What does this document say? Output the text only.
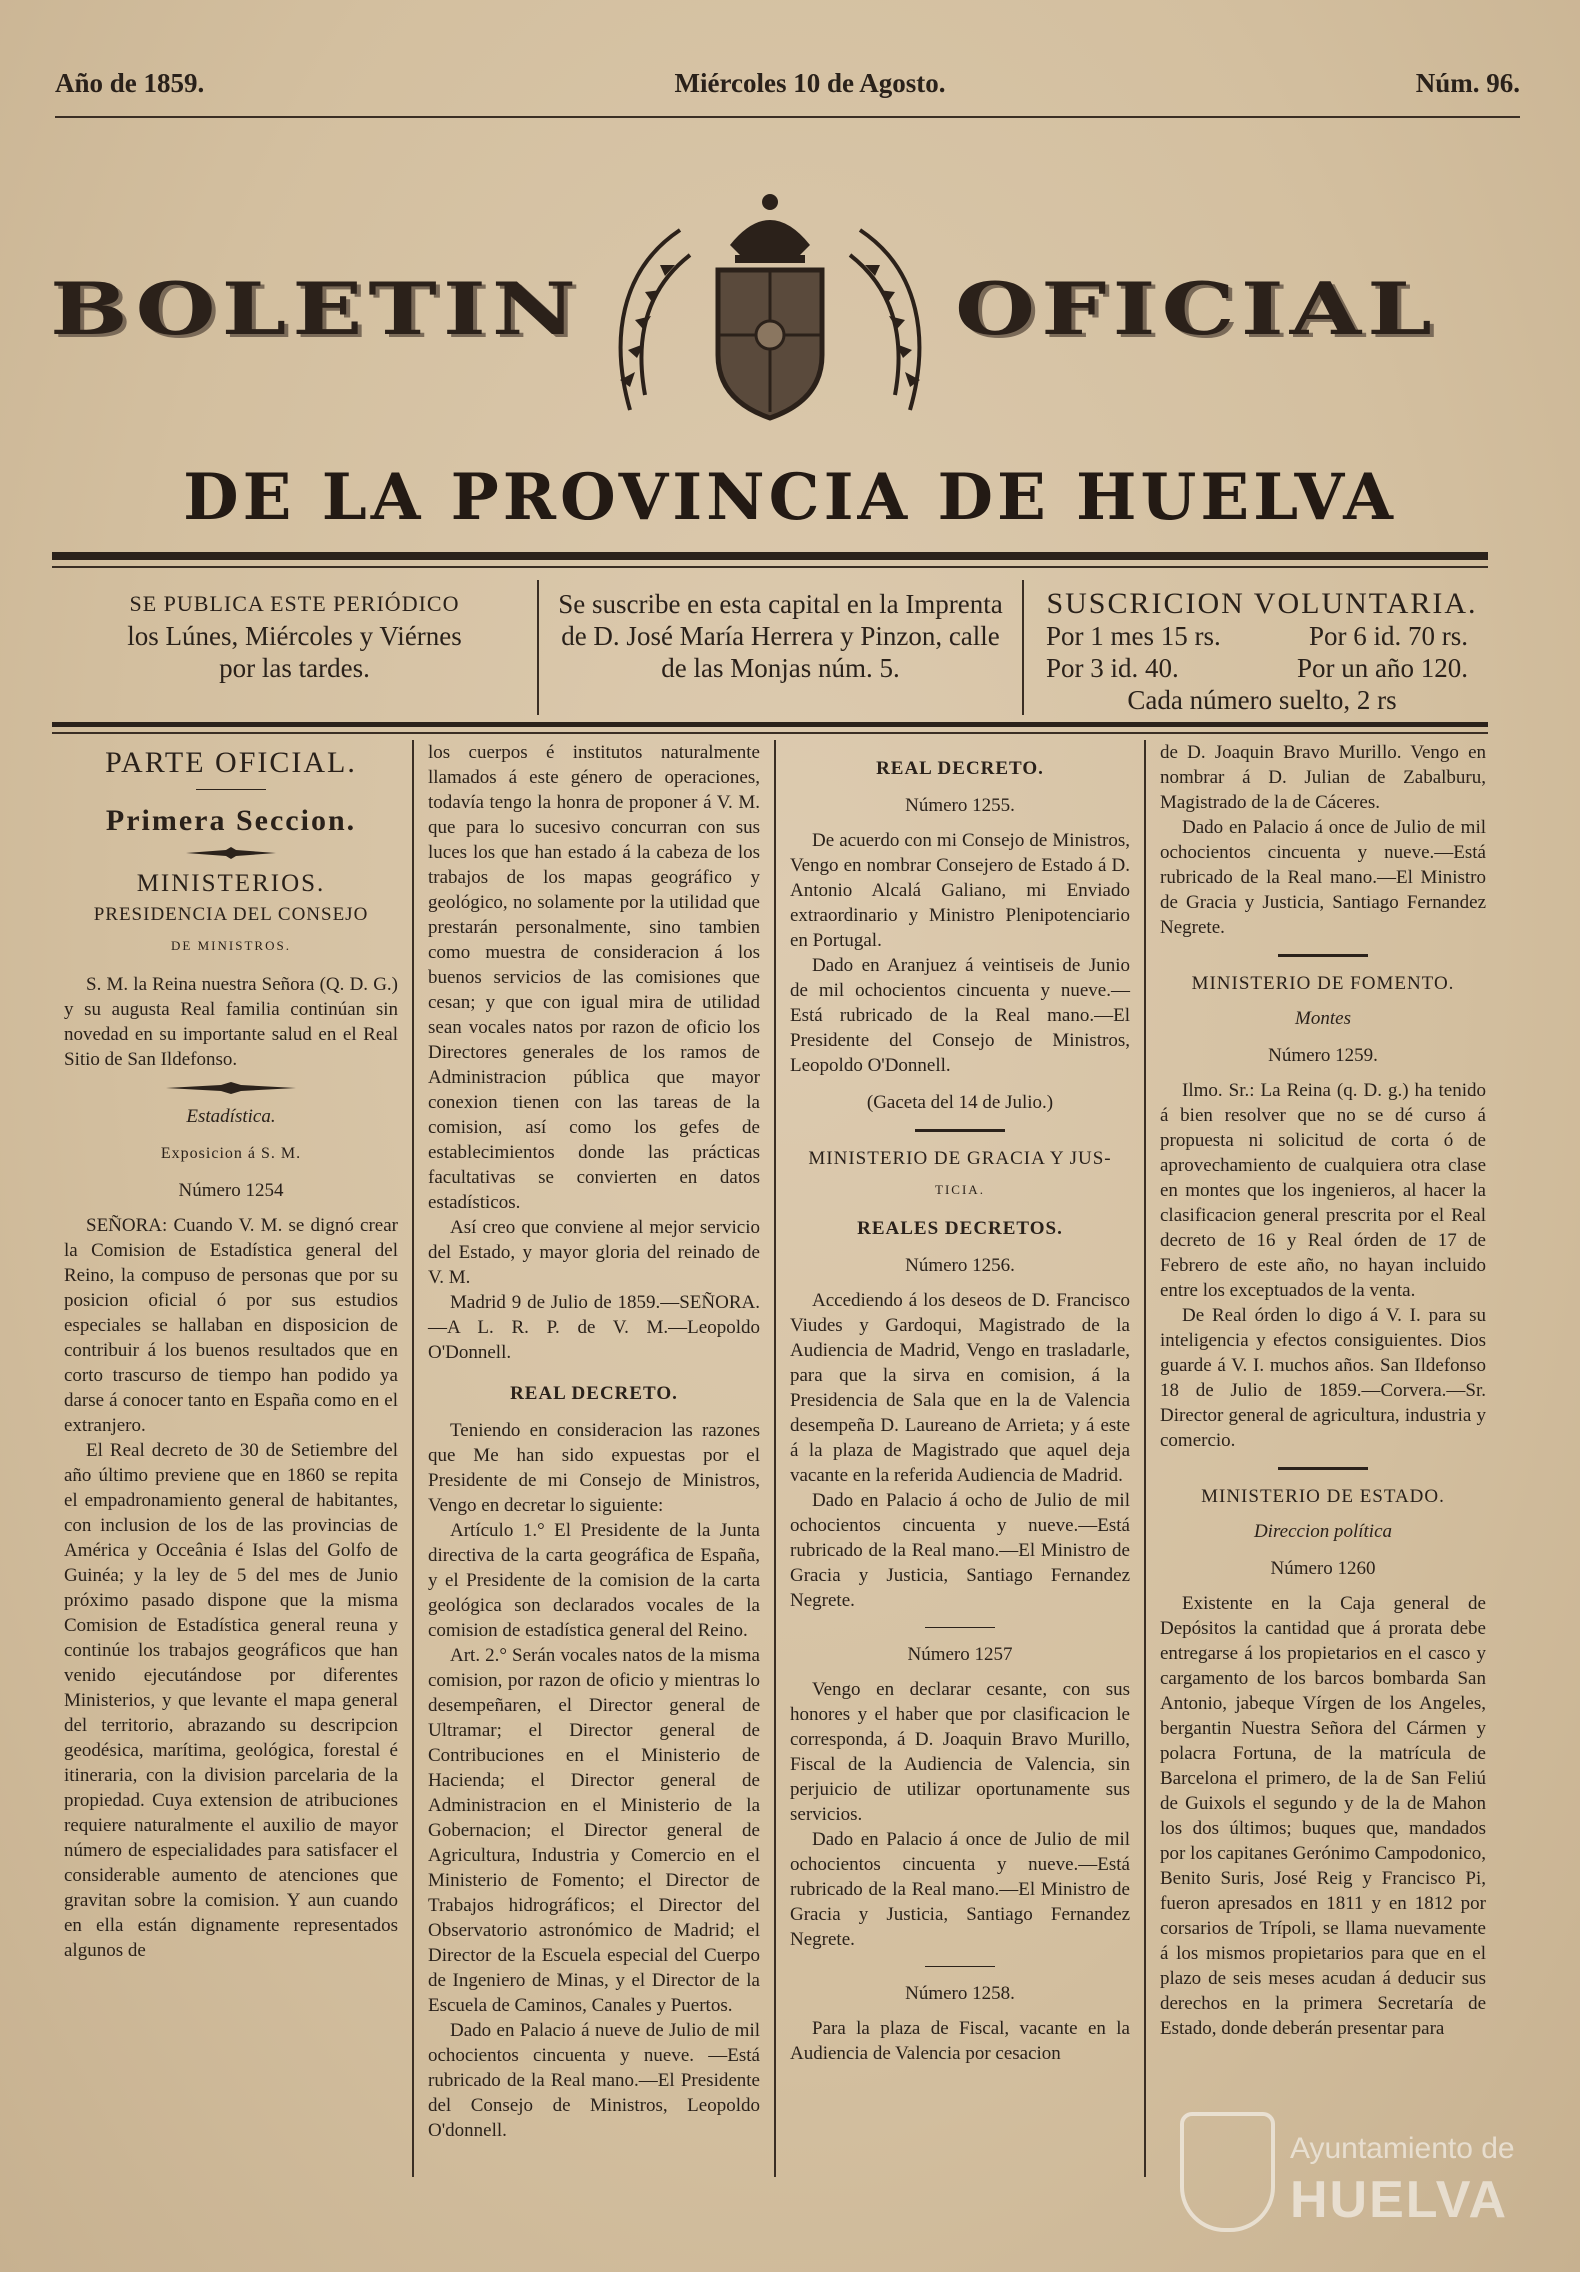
Año de 1859.	Miércoles 10 de Agosto.	Núm. 96.
BOLETIN	OFICIAL
DE LA PROVINCIA DE HUELVA
SE PUBLICA ESTE PERIÓDICO
los Lúnes, Miércoles y Viérnes
por las tardes.
Se suscribe en esta capital en la Imprenta
de D. José María Herrera y Pinzon, calle
de las Monjas núm. 5.
SUSCRICION VOLUNTARIA.
Por 1 mes 15 rs.	Por 6 id. 70 rs.
Por 3 id. 40.	Por un año 120.
Cada número suelto, 2 rs
PARTE OFICIAL.
Primera Seccion.
MINISTERIOS.
PRESIDENCIA DEL CONSEJO
DE MINISTROS.

S. M. la Reina nuestra Señora (Q. D. G.) y su augusta Real familia continúan sin novedad en su importante salud en el Real Sitio de San Ildefonso.

Estadística.
Exposicion á S. M.
Número 1254

SEÑORA: Cuando V. M. se dignó crear la Comision de Estadística general del Reino, la compuso de personas que por su posicion oficial ó por sus estudios especiales se hallaban en disposicion de contribuir á los buenos resultados que en corto trascurso de tiempo han podido ya darse á conocer tanto en España como en el extranjero.

El Real decreto de 30 de Setiembre del año último previene que en 1860 se repita el empadronamiento general de habitantes, con inclusion de los de las provincias de América y Occeânia é Islas del Golfo de Guinéa; y la ley de 5 del mes de Junio próximo pasado dispone que la misma Comision de Estadística general reuna y continúe los trabajos geográficos que han venido ejecutándose por diferentes Ministerios, y que levante el mapa general del territorio, abrazando su descripcion geodésica, marítima, geológica, forestal é itineraria, con la division parcelaria de la propiedad. Cuya extension de atribuciones requiere naturalmente el auxilio de mayor número de especialidades para satisfacer el considerable aumento de atenciones que gravitan sobre la comision. Y aun cuando en ella están dignamente representados algunos de

los cuerpos é institutos naturalmente llamados á este género de operaciones, todavía tengo la honra de proponer á V. M. que para lo sucesivo concurran con sus luces los que han estado á la cabeza de los trabajos de los mapas geográfico y geológico, no solamente por la utilidad que prestarán personalmente, sino tambien como muestra de consideracion á los buenos servicios de las comisiones que cesan; y que con igual mira de utilidad sean vocales natos por razon de oficio los Directores generales de los ramos de Administracion pública que mayor conexion tienen con las tareas de la comision, así como los gefes de establecimientos donde las prácticas facultativas se convierten en datos estadísticos.

Así creo que conviene al mejor servicio del Estado, y mayor gloria del reinado de V. M.

Madrid 9 de Julio de 1859.—SEÑORA.—A L. R. P. de V. M.—Leopoldo O'Donnell.

REAL DECRETO.

Teniendo en consideracion las razones que Me han sido expuestas por el Presidente de mi Consejo de Ministros, Vengo en decretar lo siguiente:

Artículo 1.° El Presidente de la Junta directiva de la carta geográfica de España, y el Presidente de la comision de la carta geológica son declarados vocales de la comision de estadística general del Reino.

Art. 2.° Serán vocales natos de la misma comision, por razon de oficio y mientras lo desempeñaren, el Director general de Ultramar; el Director general de Contribuciones en el Ministerio de Hacienda; el Director general de Administracion en el Ministerio de la Gobernacion; el Director general de Agricultura, Industria y Comercio en el Ministerio de Fomento; el Director de Trabajos hidrográficos; el Director del Observatorio astronómico de Madrid; el Director de la Escuela especial del Cuerpo de Ingeniero de Minas, y el Director de la Escuela de Caminos, Canales y Puertos.

Dado en Palacio á nueve de Julio de mil ochocientos cincuenta y nueve. —Está rubricado de la Real mano.—El Presidente del Consejo de Ministros, Leopoldo O'donnell.

REAL DECRETO.
Número 1255.

De acuerdo con mi Consejo de Ministros, Vengo en nombrar Consejero de Estado á D. Antonio Alcalá Galiano, mi Enviado extraordinario y Ministro Plenipotenciario en Portugal.

Dado en Aranjuez á veintiseis de Junio de mil ochocientos cincuenta y nueve.—Está rubricado de la Real mano.—El Presidente del Consejo de Ministros, Leopoldo O'Donnell.

(Gaceta del 14 de Julio.)
MINISTERIO DE GRACIA Y JUS-
TICIA.
REALES DECRETOS.
Número 1256.

Accediendo á los deseos de D. Francisco Viudes y Gardoqui, Magistrado de la Audiencia de Madrid, Vengo en trasladarle, para que la sirva en comision, á la Presidencia de Sala que en la de Valencia desempeña D. Laureano de Arrieta; y á este á la plaza de Magistrado que aquel deja vacante en la referida Audiencia de Madrid.

Dado en Palacio á ocho de Julio de mil ochocientos cincuenta y nueve.—Está rubricado de la Real mano.—El Ministro de Gracia y Justicia, Santiago Fernandez Negrete.

Número 1257

Vengo en declarar cesante, con sus honores y el haber que por clasificacion le corresponda, á D. Joaquin Bravo Murillo, Fiscal de la Audiencia de Valencia, sin perjuicio de utilizar oportunamente sus servicios.

Dado en Palacio á once de Julio de mil ochocientos cincuenta y nueve.—Está rubricado de la Real mano.—El Ministro de Gracia y Justicia, Santiago Fernandez Negrete.

Número 1258.

Para la plaza de Fiscal, vacante en la Audiencia de Valencia por cesacion

de D. Joaquin Bravo Murillo. Vengo en nombrar á D. Julian de Zabalburu, Magistrado de la de Cáceres.

Dado en Palacio á once de Julio de mil ochocientos cincuenta y nueve.—Está rubricado de la Real mano.—El Ministro de Gracia y Justicia, Santiago Fernandez Negrete.

MINISTERIO DE FOMENTO.
Montes
Número 1259.

Ilmo. Sr.: La Reina (q. D. g.) ha tenido á bien resolver que no se dé curso á propuesta ni solicitud de corta ó de aprovechamiento de cualquiera otra clase en montes que los ingenieros, al hacer la clasificacion general prescrita por el Real decreto de 16 y Real órden de 17 de Febrero de este año, no hayan incluido entre los exceptuados de la venta.

De Real órden lo digo á V. I. para su inteligencia y efectos consiguientes. Dios guarde á V. I. muchos años. San Ildefonso 18 de Julio de 1859.—Corvera.—Sr. Director general de agricultura, industria y comercio.

MINISTERIO DE ESTADO.
Direccion política
Número 1260

Existente en la Caja general de Depósitos la cantidad que á prorata debe entregarse á los propietarios en el casco y cargamento de los barcos bombarda San Antonio, jabeque Vírgen de los Angeles, bergantin Nuestra Señora del Cármen y polacra Fortuna, de la matrícula de Barcelona el primero, de la de San Feliú de Guixols el segundo y de la de Mahon los dos últimos; buques que, mandados por los capitanes Gerónimo Campodonico, Benito Suris, José Reig y Francisco Pi, fueron apresados en 1811 y en 1812 por corsarios de Trípoli, se llama nuevamente á los mismos propietarios para que en el plazo de seis meses acudan á deducir sus derechos en la primera Secretaría de Estado, donde deberán presentar para

Ayuntamiento de
HUELVA
